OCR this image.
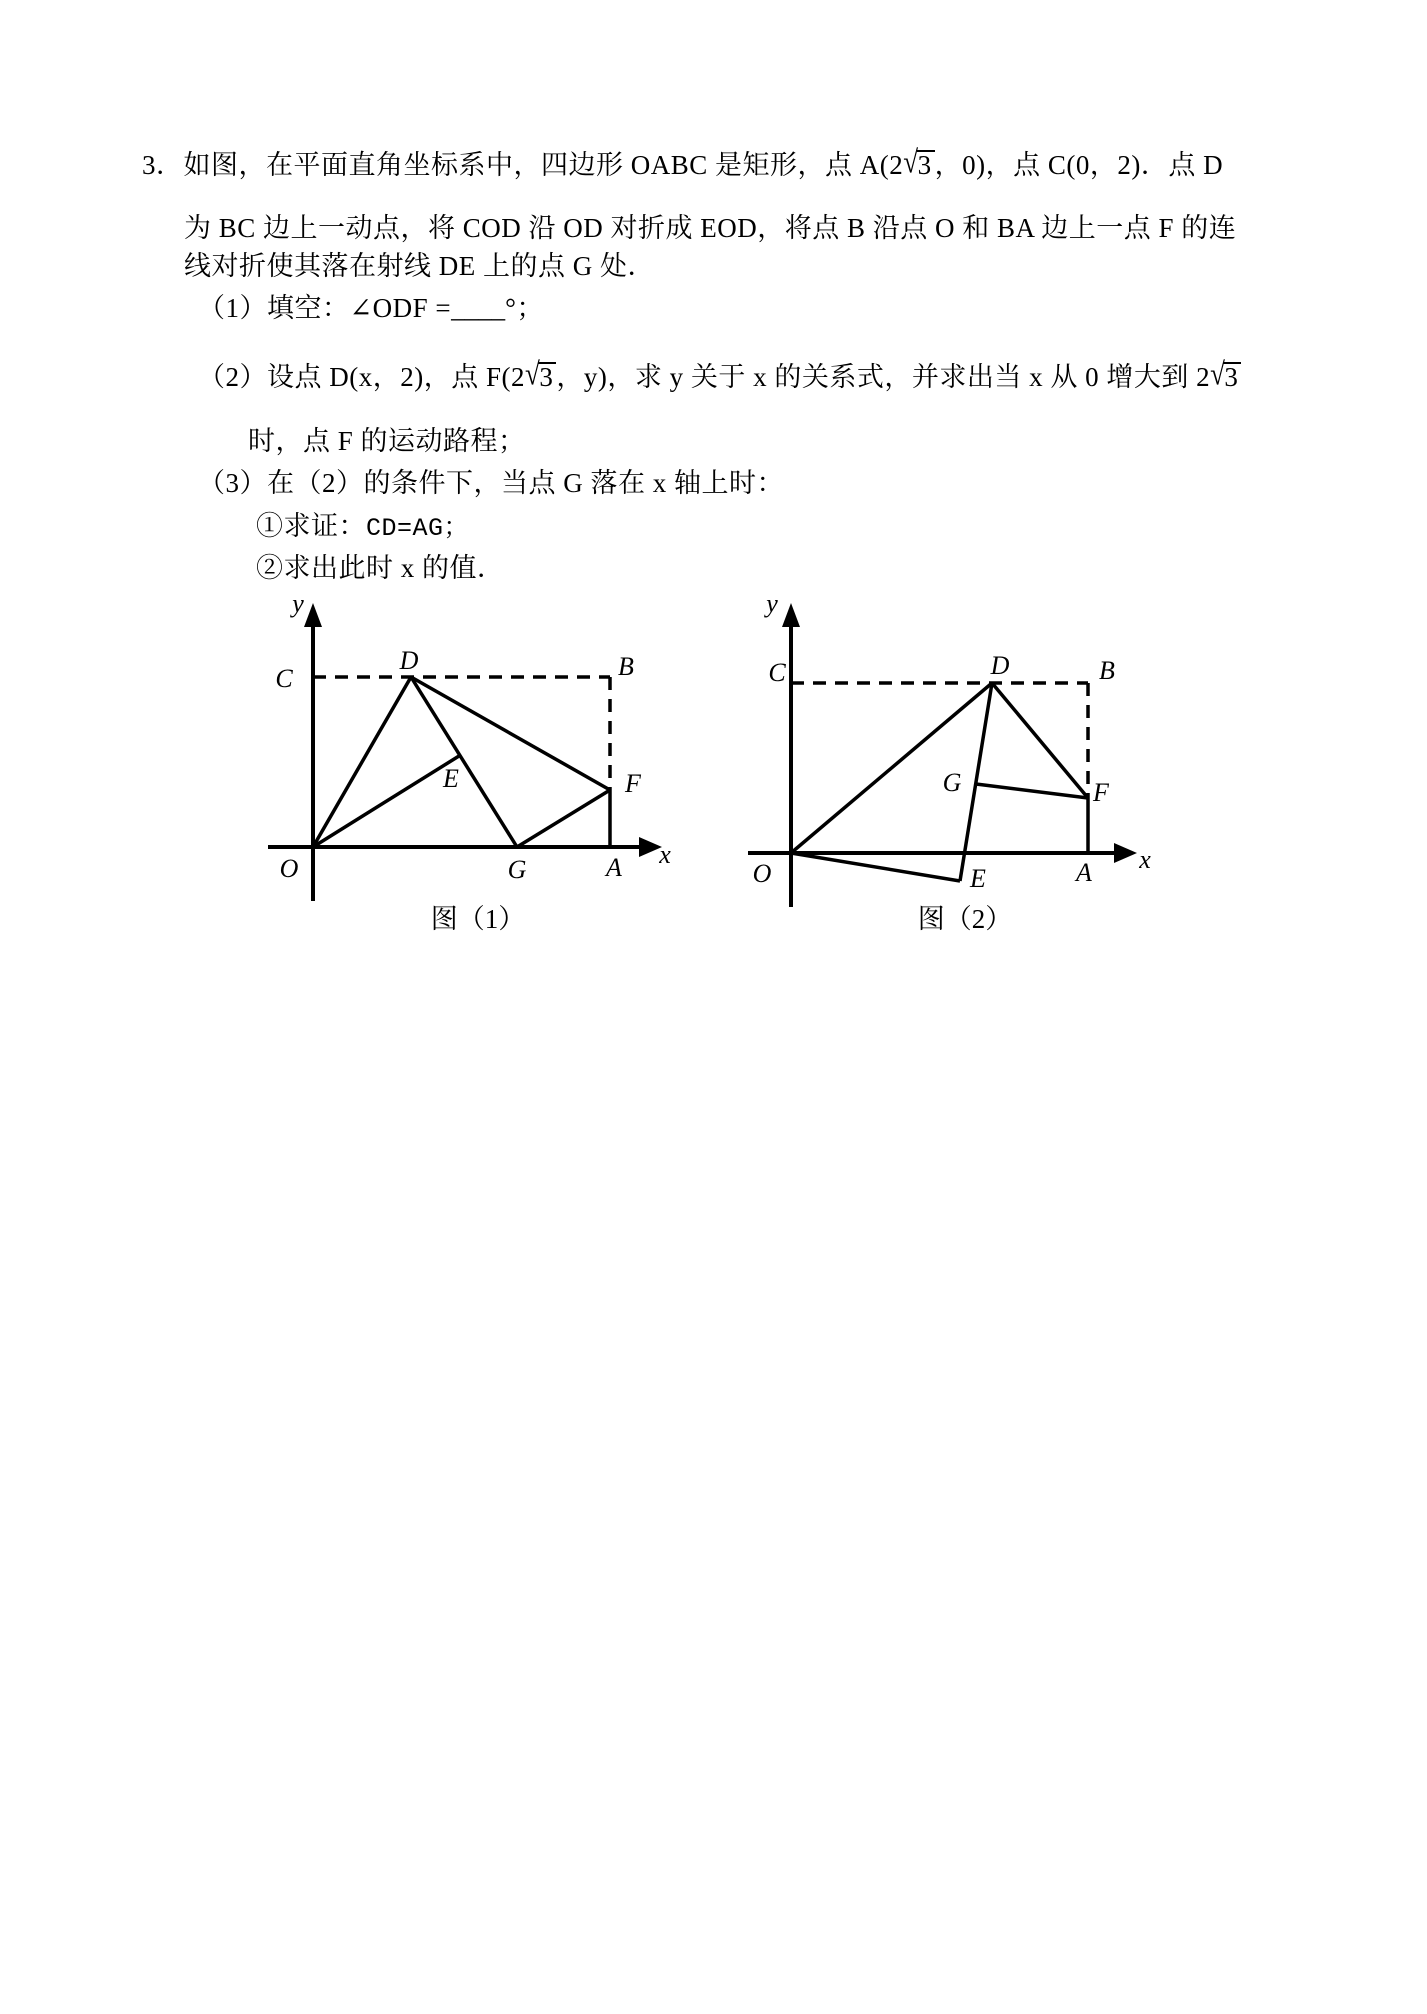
3．如图，在平面直角坐标系中，四边形 OABC 是矩形，点 A(2√3 ，0)，点 C(0，2)．点 D
为 BC 边上一动点，将 COD 沿 OD 对折成 EOD，将点 B 沿点 O 和 BA 边上一点 F 的连
线对折使其落在射线 DE 上的点 G 处．
（1）填空：∠ODF =____°；
（2）设点 D(x，2)，点 F(2√3 ，y)，求 y 关于 x 的关系式，并求出当 x 从 0 增大到 2√3
时，点 F 的运动路程；
（3）在（2）的条件下，当点 G 落在 x 轴上时：
①求证：CD=AG；
②求出此时 x 的值．
y
x
C
D	B
E	F
O	G	A
图（1）
y
x
C	D	B
G	F
O	E	A
图（2）
